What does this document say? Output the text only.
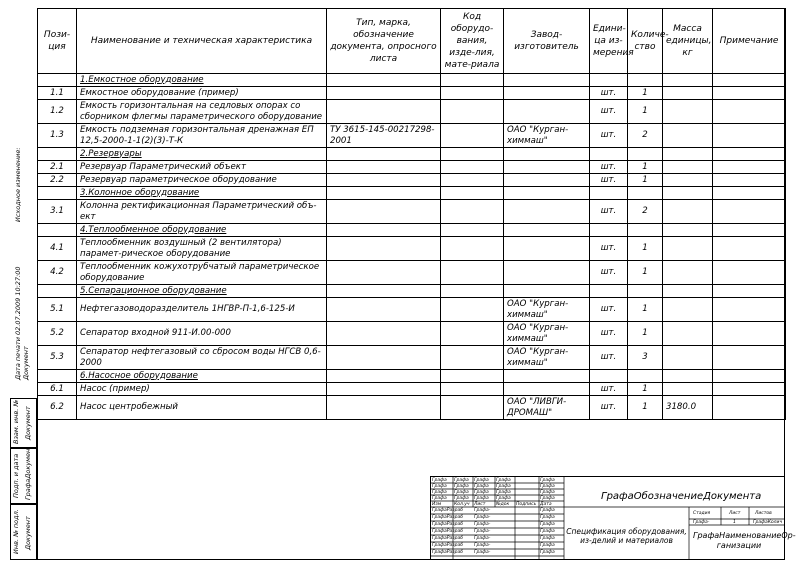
Пози- ция	Наименование и техническая характеристика	Тип, марка, обозначение документа, опросного листа	Код оборудо-вания, изде-лия, мате-риала	Завод-изготовитель	Едини-ца из-мерения	Количе-ство	Масса единицы, кг	Примечание
	1.Емкостное оборудование							
1.1	Емкостное оборудование (пример)				шт.	1		
1.2	Емкость горизонтальная на седловых опорах со сборником флегмы параметрического оборудование				шт.	1		
1.3	Емкость подземная горизонтальная дренажная ЕП 12,5-2000-1-1(2)(3)-Т-К	ТУ 3615-145-00217298-2001		ОАО "Курган-химмаш"	шт.	2		
	2.Резервуары							
2.1	Резервуар Параметрический объект				шт.	1		
2.2	Резервуар параметрическое оборудование				шт.	1		
	3.Колонное оборудование							
3.1	Колонна ректификационная Параметрический объ-ект				шт.	2		
	4.Теплообменное оборудование							
4.1	Теплообменник воздушный (2 вентилятора) парамет-рическое оборудование				шт.	1		
4.2	Теплообменник кожухотрубчатый параметрическое оборудование				шт.	1		
	5.Сепарационное оборудование							
5.1	Нефтегазоводоразделитель 1НГВР-П-1,6-125-И			ОАО "Курган-химмаш"	шт.	1		
5.2	Сепаратор входной 911-И.00-000			ОАО "Курган-химмаш"	шт.	1		
5.3	Сепаратор нефтегазовый со сбросом воды НГСВ 0,6-2000			ОАО "Курган-химмаш"	шт.	3		
	6.Насосное оборудование							
6.1	Насос (пример)				шт.	1		
6.2	Насос центробежный			ОАО "ЛИВГИ-ДРОМАШ"	шт.	1	3180.0	
Исходное изменение:
Дата печати 02.07.2009 10:27:00 Документ
Взам. инв. № Документ
Подп. и дата ГрафаДокумен
Инв. № подл. Документ
Изм	Кол.уч Лист №док Подпись Дата
Графа Графа Графа Графа	Графа
Графа Графа Графа Графа	Графа
Графа Графа Графа Графа	Графа
Графа Графа Графа Графа	Графа
ГрафаРазраб Графа-	Графа
ГрафаРазраб Графа-	Графа
ГрафаРазраб Графа-	Графа
ГрафаРазраб Графа-	Графа
ГрафаРазраб Графа-	Графа
ГрафаРазраб Графа-	Графа
ГрафаРазраб Графа-	Графа
ГрафаОбозначениеДокумента
Спецификация оборудования, из-делий и материалов
ГрафаНаименованиеОр-ганизации
Стадия	Лист	Листов
Графа-	1	ГрафаКолич
